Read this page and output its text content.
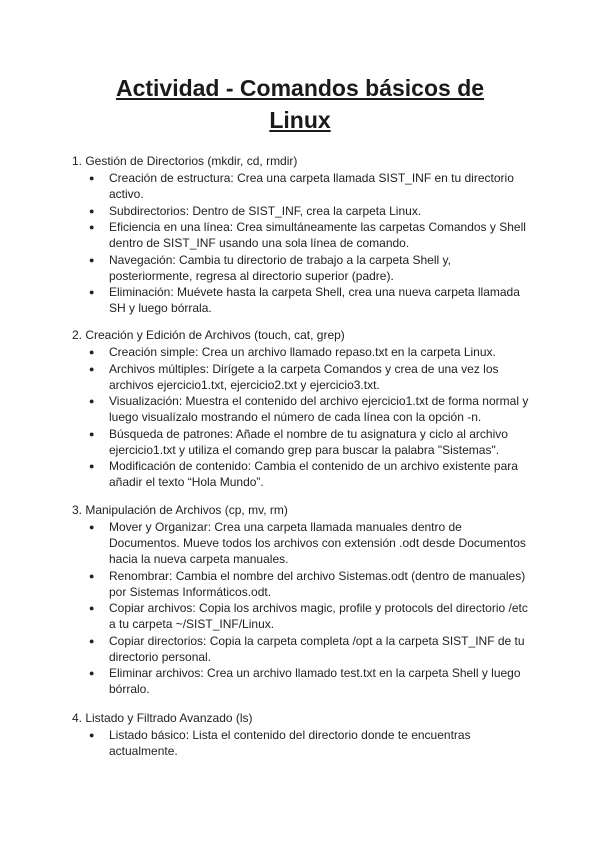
Actividad - Comandos básicos de
Linux
1. Gestión de Directorios (mkdir, cd, rmdir)
● Creación de estructura: Crea una carpeta llamada SIST_INF en tu directorio activo.
● Subdirectorios: Dentro de SIST_INF, crea la carpeta Linux.
● Eficiencia en una línea: Crea simultáneamente las carpetas Comandos y Shell dentro de SIST_INF usando una sola línea de comando.
● Navegación: Cambia tu directorio de trabajo a la carpeta Shell y, posteriormente, regresa al directorio superior (padre).
● Eliminación: Muévete hasta la carpeta Shell, crea una nueva carpeta llamada SH y luego bórrala.
2. Creación y Edición de Archivos (touch, cat, grep)
● Creación simple: Crea un archivo llamado repaso.txt en la carpeta Linux.
● Archivos múltiples: Dirígete a la carpeta Comandos y crea de una vez los archivos ejercicio1.txt, ejercicio2.txt y ejercicio3.txt.
● Visualización: Muestra el contenido del archivo ejercicio1.txt de forma normal y luego visualízalo mostrando el número de cada línea con la opción -n.
● Búsqueda de patrones: Añade el nombre de tu asignatura y ciclo al archivo ejercicio1.txt y utiliza el comando grep para buscar la palabra "Sistemas".
● Modificación de contenido: Cambia el contenido de un archivo existente para añadir el texto “Hola Mundo”.
3. Manipulación de Archivos (cp, mv, rm)
● Mover y Organizar: Crea una carpeta llamada manuales dentro de Documentos. Mueve todos los archivos con extensión .odt desde Documentos hacia la nueva carpeta manuales.
● Renombrar: Cambia el nombre del archivo Sistemas.odt (dentro de manuales) por Sistemas Informáticos.odt.
● Copiar archivos: Copia los archivos magic, profile y protocols del directorio /etc a tu carpeta ~/SIST_INF/Linux.
● Copiar directorios: Copia la carpeta completa /opt a la carpeta SIST_INF de tu directorio personal.
● Eliminar archivos: Crea un archivo llamado test.txt en la carpeta Shell y luego bórralo.
4. Listado y Filtrado Avanzado (ls)
● Listado básico: Lista el contenido del directorio donde te encuentras actualmente.
